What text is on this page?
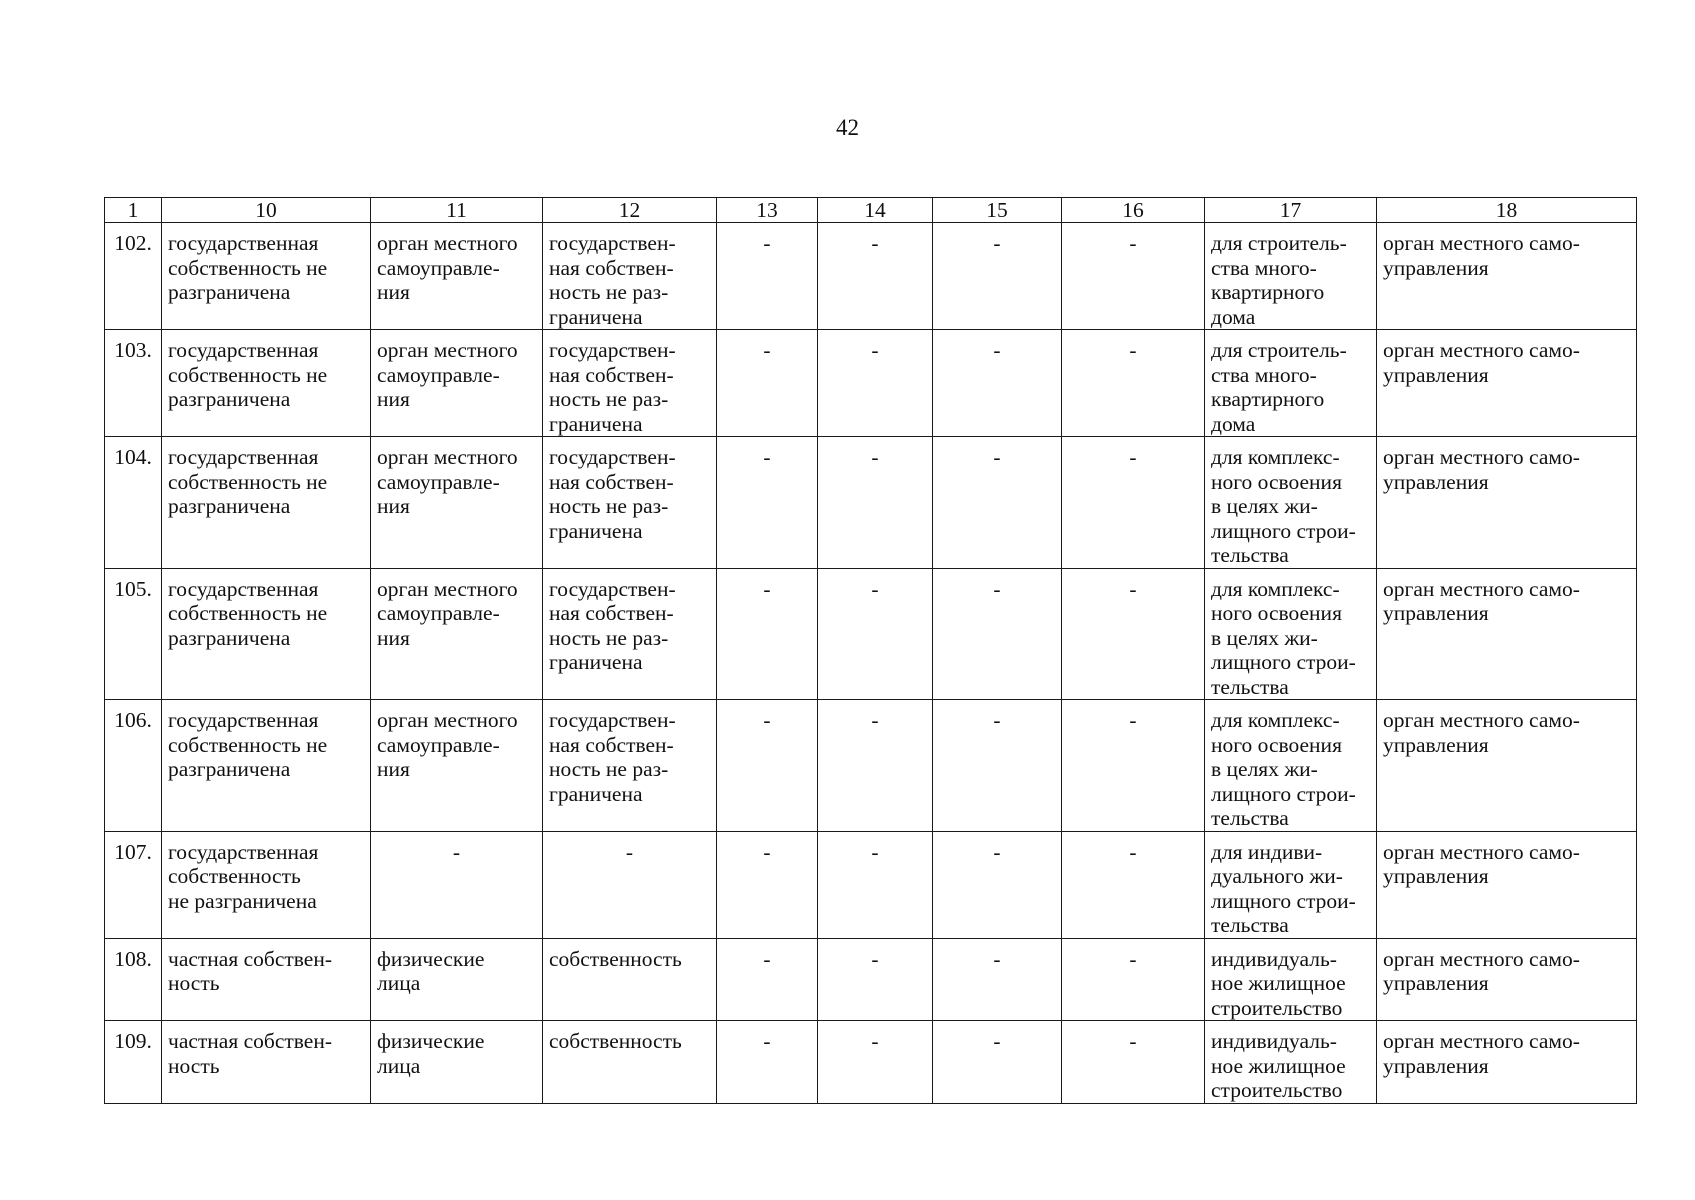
42
1	10	11	12	13	14	15	16	17	18

102.	государственная
собственность не
разграничена	орган местного
самоуправле-
ния	государствен-
ная собствен-
ность не раз-
граничена	-	-	-	-	для строитель-
ства много-
квартирного
дома	орган местного само-
управления

103.	государственная
собственность не
разграничена	орган местного
самоуправле-
ния	государствен-
ная собствен-
ность не раз-
граничена	-	-	-	-	для строитель-
ства много-
квартирного
дома	орган местного само-
управления

104.	государственная
собственность не
разграничена	орган местного
самоуправле-
ния	государствен-
ная собствен-
ность не раз-
граничена	-	-	-	-	для комплекс-
ного освоения
в целях жи-
лищного строи-
тельства	орган местного само-
управления

105.	государственная
собственность не
разграничена	орган местного
самоуправле-
ния	государствен-
ная собствен-
ность не раз-
граничена	-	-	-	-	для комплекс-
ного освоения
в целях жи-
лищного строи-
тельства	орган местного само-
управления

106.	государственная
собственность не
разграничена	орган местного
самоуправле-
ния	государствен-
ная собствен-
ность не раз-
граничена	-	-	-	-	для комплекс-
ного освоения
в целях жи-
лищного строи-
тельства	орган местного само-
управления

107.	государственная
собственность
не разграничена	-	-	-	-	-	-	для индиви-
дуального жи-
лищного строи-
тельства	орган местного само-
управления

108.	частная собствен-
ность	физические
лица	собственность	-	-	-	-	индивидуаль-
ное жилищное
строительство	орган местного само-
управления

109.	частная собствен-
ность	физические
лица	собственность	-	-	-	-	индивидуаль-
ное жилищное
строительство	орган местного само-
управления
